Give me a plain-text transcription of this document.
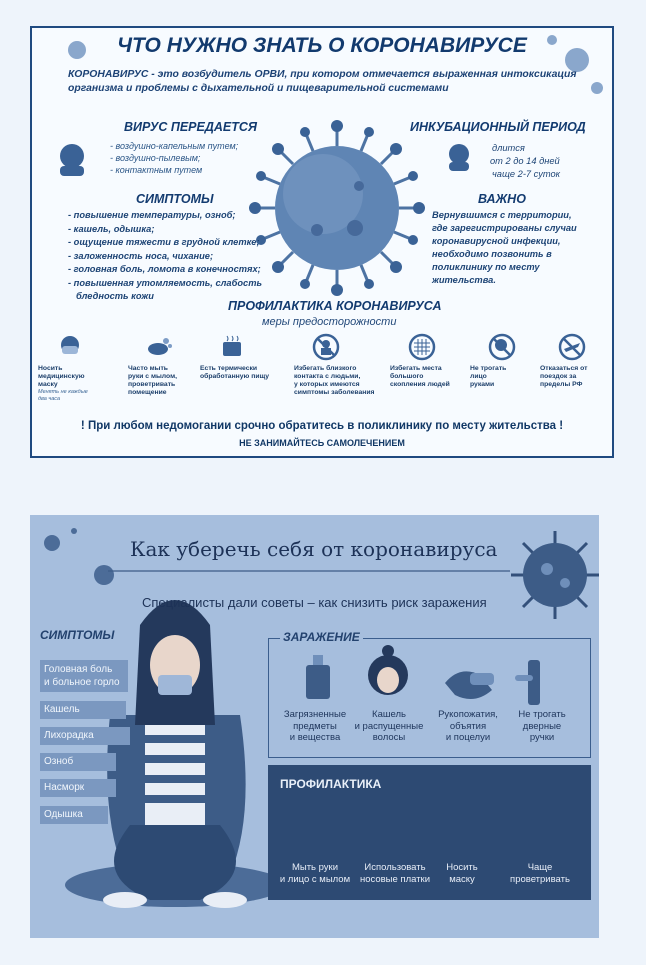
ЧТО НУЖНО ЗНАТЬ О КОРОНАВИРУСЕ
КОРОНАВИРУС - это возбудитель ОРВИ, при котором отмечается выраженная интоксикация организма и проблемы с дыхательной и пищеварительной системами
ВИРУС ПЕРЕДАЕТСЯ
- воздушно-капельным путем;
- воздушно-пылевым;
- контактным путем
ИНКУБАЦИОННЫЙ ПЕРИОД
длится
от 2 до 14 дней
чаще 2-7 суток
СИМПТОМЫ
- повышение температуры, озноб;
- кашель, одышка;
- ощущение тяжести в грудной клетке;
- заложенность носа, чихание;
- головная боль, ломота в конечностях;
- повышенная утомляемость, слабость
бледность кожи
ВАЖНО
Вернувшимся с территории,
где зарегистрированы случаи
коронавирусной инфекции,
необходимо позвонить в
поликлинику по месту
жительства.
ПРОФИЛАКТИКА КОРОНАВИРУСА
меры предосторожности
Носить медицинскую
маску
Менять не каждые
два часа
Часто мыть
руки с мылом,
проветривать
помещение
Есть термически
обработанную пищу
Избегать близкого
контакта с людьми,
у которых имеются
симптомы заболевания
Избегать места
большого
скопления людей
Не трогать
лицо
руками
Отказаться от
поездок за
пределы РФ
! При любом недомогании срочно обратитесь в поликлинику по месту жительства !
НЕ ЗАНИМАЙТЕСЬ САМОЛЕЧЕНИЕМ
Как уберечь себя от коронавируса
Специалисты дали советы – как снизить риск заражения
СИМПТОМЫ
Головная боль
и больное горло
Кашель
Лихорадка
Озноб
Насморк
Одышка
ЗАРАЖЕНИЕ
Загрязненные
предметы
и вещества
Кашель
и распущенные
волосы
Рукопожатия,
объятия
и поцелуи
Не трогать
дверные
ручки
ПРОФИЛАКТИКА
Мыть руки
и лицо с мылом
Использовать
носовые платки
Носить
маску
Чаще
проветривать
